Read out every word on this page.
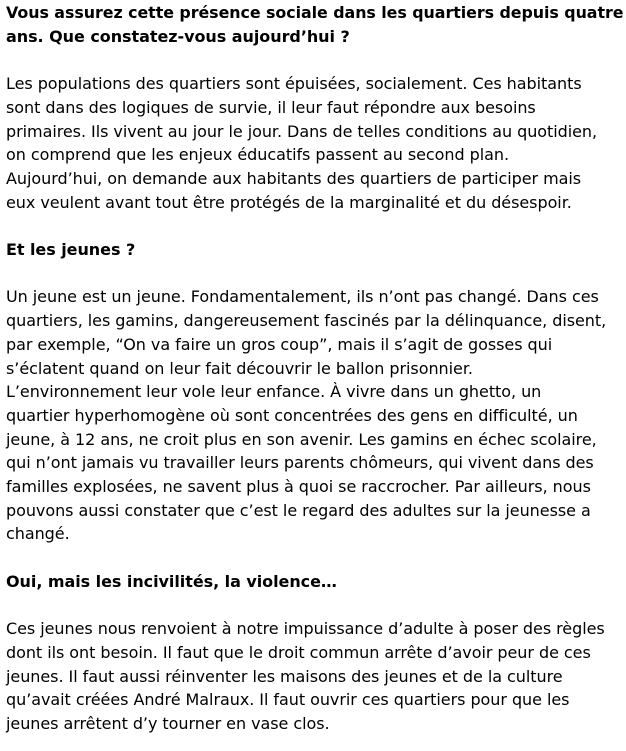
Vous assurez cette présence sociale dans les quartiers depuis quatre
ans. Que constatez-vous aujourd’hui ?
Les populations des quartiers sont épuisées, socialement. Ces habitants
sont dans des logiques de survie, il leur faut répondre aux besoins
primaires. Ils vivent au jour le jour. Dans de telles conditions au quotidien,
on comprend que les enjeux éducatifs passent au second plan.
Aujourd’hui, on demande aux habitants des quartiers de participer mais
eux veulent avant tout être protégés de la marginalité et du désespoir.
Et les jeunes ?
Un jeune est un jeune. Fondamentalement, ils n’ont pas changé. Dans ces
quartiers, les gamins, dangereusement fascinés par la délinquance, disent,
par exemple, “On va faire un gros coup”, mais il s’agit de gosses qui
s’éclatent quand on leur fait découvrir le ballon prisonnier.
L’environnement leur vole leur enfance. À vivre dans un ghetto, un
quartier hyperhomogène où sont concentrées des gens en difficulté, un
jeune, à 12 ans, ne croit plus en son avenir. Les gamins en échec scolaire,
qui n’ont jamais vu travailler leurs parents chômeurs, qui vivent dans des
familles explosées, ne savent plus à quoi se raccrocher. Par ailleurs, nous
pouvons aussi constater que c’est le regard des adultes sur la jeunesse a
changé.
Oui, mais les incivilités, la violence…
Ces jeunes nous renvoient à notre impuissance d’adulte à poser des règles
dont ils ont besoin. Il faut que le droit commun arrête d’avoir peur de ces
jeunes. Il faut aussi réinventer les maisons des jeunes et de la culture
qu’avait créées André Malraux. Il faut ouvrir ces quartiers pour que les
jeunes arrêtent d’y tourner en vase clos.
